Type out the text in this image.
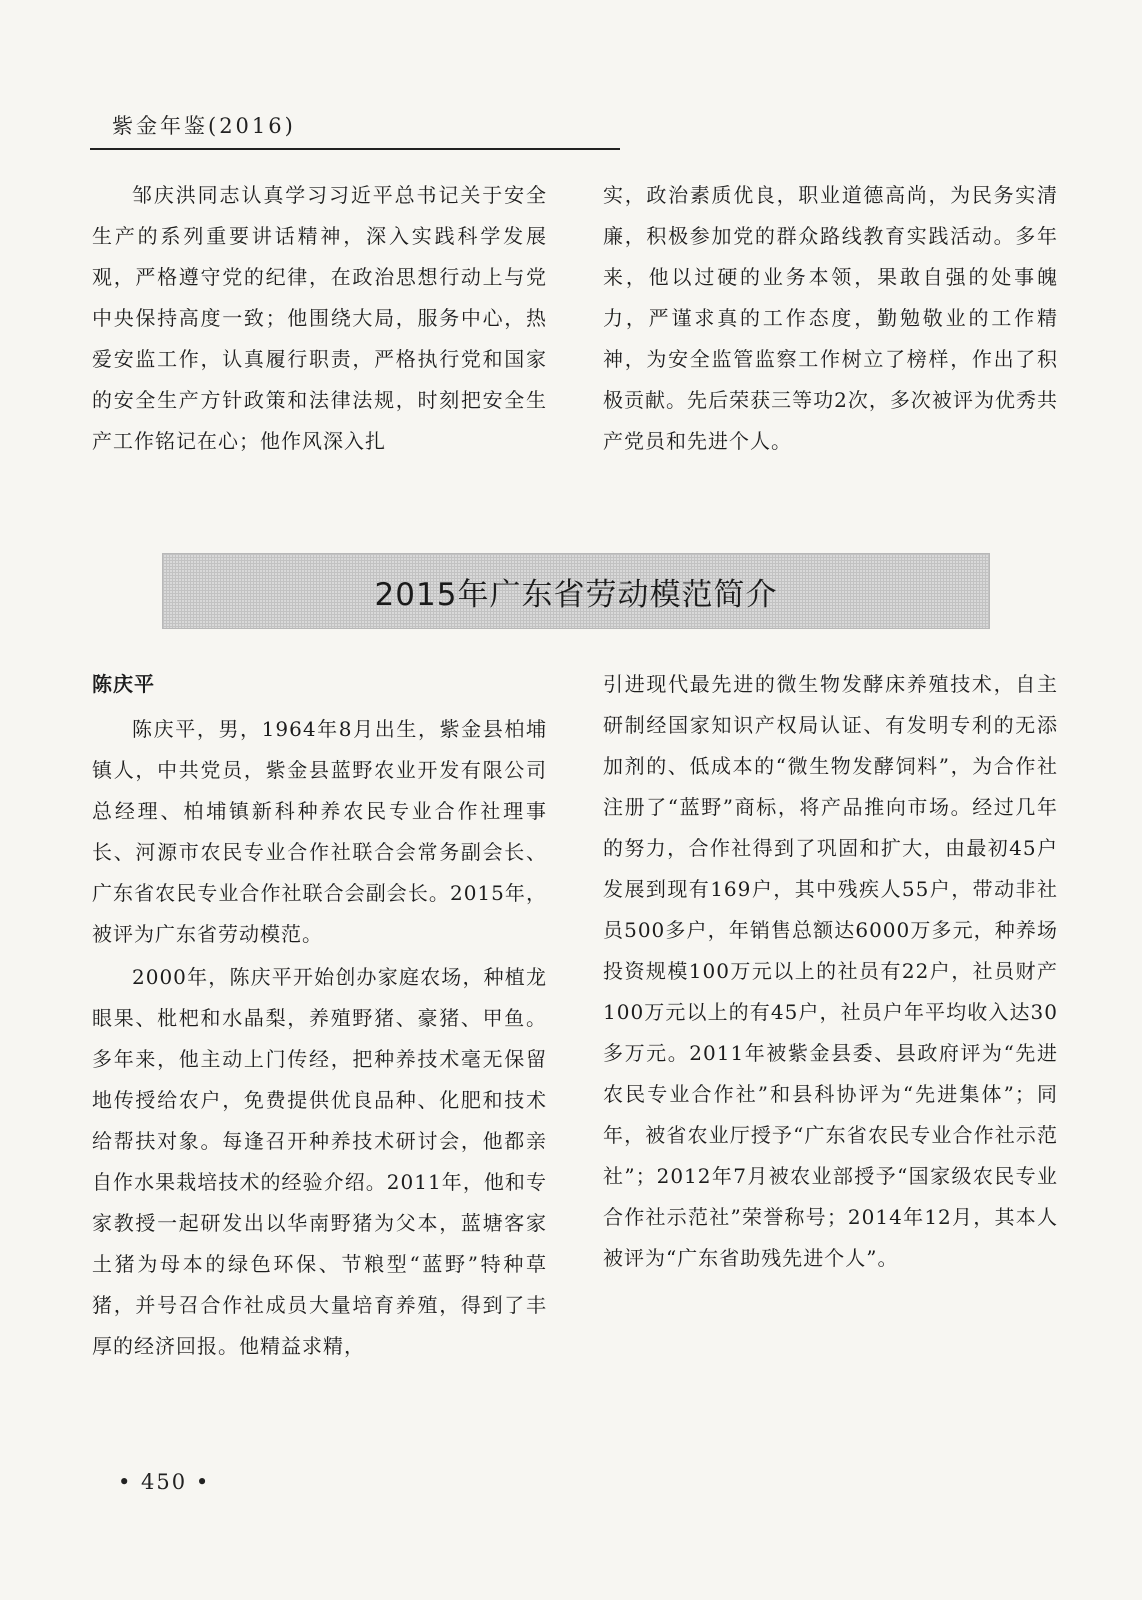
紫金年鉴(2016)

邹庆洪同志认真学习习近平总书记关于安全生产的系列重要讲话精神，深入实践科学发展观，严格遵守党的纪律，在政治思想行动上与党中央保持高度一致；他围绕大局，服务中心，热爱安监工作，认真履行职责，严格执行党和国家的安全生产方针政策和法律法规，时刻把安全生产工作铭记在心；他作风深入扎

实，政治素质优良，职业道德高尚，为民务实清廉，积极参加党的群众路线教育实践活动。多年来，他以过硬的业务本领，果敢自强的处事魄力，严谨求真的工作态度，勤勉敬业的工作精神，为安全监管监察工作树立了榜样，作出了积极贡献。先后荣获三等功2次，多次被评为优秀共产党员和先进个人。

2015年广东省劳动模范简介
陈庆平

陈庆平，男，1964年8月出生，紫金县柏埔镇人，中共党员，紫金县蓝野农业开发有限公司总经理、柏埔镇新科种养农民专业合作社理事长、河源市农民专业合作社联合会常务副会长、广东省农民专业合作社联合会副会长。2015年，被评为广东省劳动模范。

2000年，陈庆平开始创办家庭农场，种植龙眼果、枇杷和水晶梨，养殖野猪、豪猪、甲鱼。多年来，他主动上门传经，把种养技术毫无保留地传授给农户，免费提供优良品种、化肥和技术给帮扶对象。每逢召开种养技术研讨会，他都亲自作水果栽培技术的经验介绍。2011年，他和专家教授一起研发出以华南野猪为父本，蓝塘客家土猪为母本的绿色环保、节粮型“蓝野”特种草猪，并号召合作社成员大量培育养殖，得到了丰厚的经济回报。他精益求精，

引进现代最先进的微生物发酵床养殖技术，自主研制经国家知识产权局认证、有发明专利的无添加剂的、低成本的“微生物发酵饲料”，为合作社注册了“蓝野”商标，将产品推向市场。经过几年的努力，合作社得到了巩固和扩大，由最初45户发展到现有169户，其中残疾人55户，带动非社员500多户，年销售总额达6000万多元，种养场投资规模100万元以上的社员有22户，社员财产100万元以上的有45户，社员户年平均收入达30多万元。2011年被紫金县委、县政府评为“先进农民专业合作社”和县科协评为“先进集体”；同年，被省农业厅授予“广东省农民专业合作社示范社”；2012年7月被农业部授予“国家级农民专业合作社示范社”荣誉称号；2014年12月，其本人被评为“广东省助残先进个人”。

• 450 •
